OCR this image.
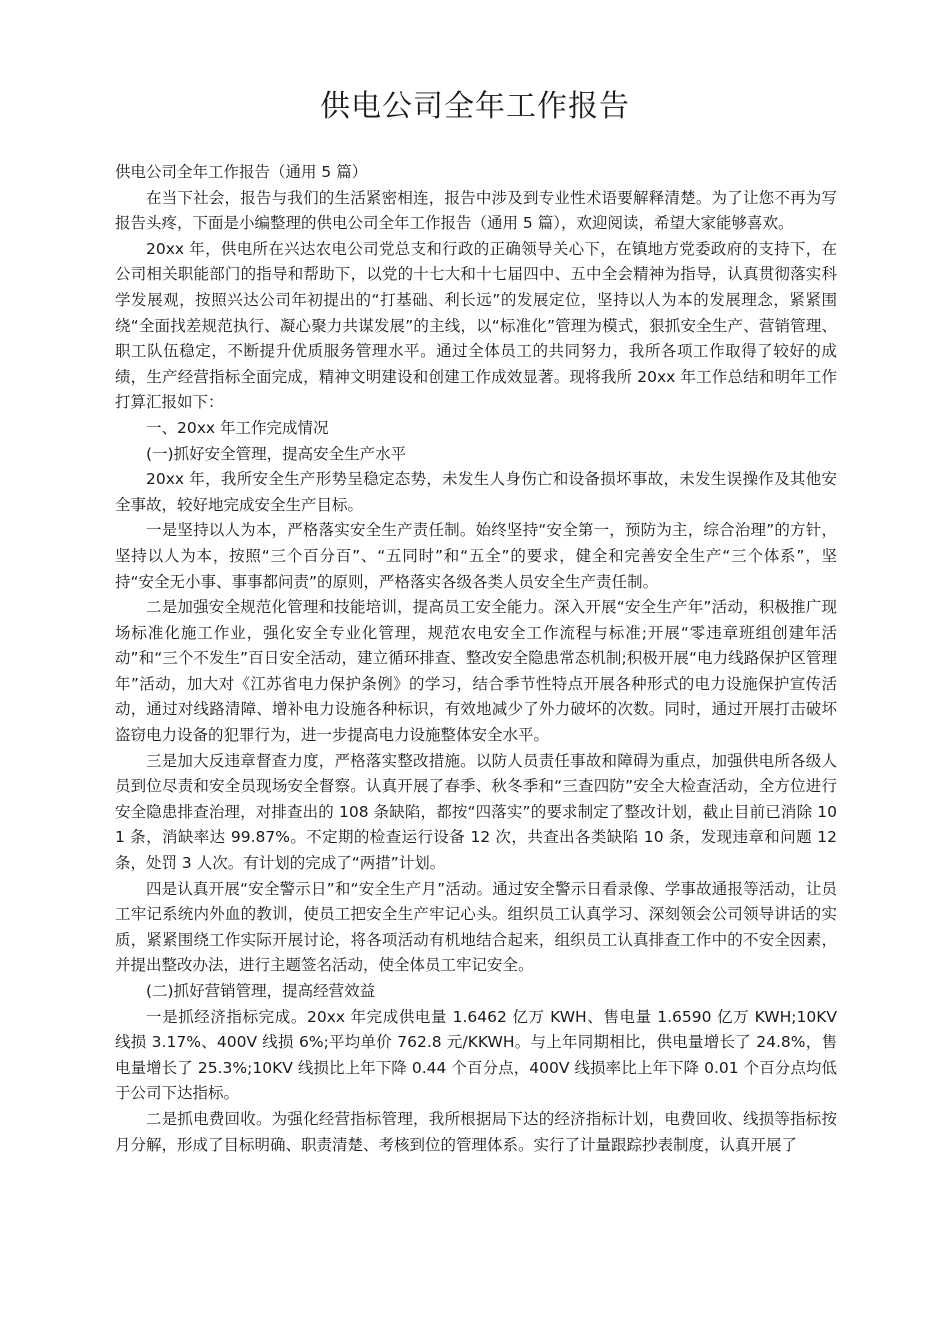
供电公司全年工作报告

供电公司全年工作报告（通用 5 篇）

在当下社会，报告与我们的生活紧密相连，报告中涉及到专业性术语要解释清楚。为了让您不再为写报告头疼，下面是小编整理的供电公司全年工作报告（通用 5 篇），欢迎阅读，希望大家能够喜欢。

20xx 年，供电所在兴达农电公司党总支和行政的正确领导关心下，在镇地方党委政府的支持下，在公司相关职能部门的指导和帮助下，以党的十七大和十七届四中、五中全会精神为指导，认真贯彻落实科学发展观，按照兴达公司年初提出的“打基础、利长远”的发展定位，坚持以人为本的发展理念，紧紧围绕“全面找差规范执行、凝心聚力共谋发展”的主线，以“标准化”管理为模式，狠抓安全生产、营销管理、职工队伍稳定，不断提升优质服务管理水平。通过全体员工的共同努力，我所各项工作取得了较好的成绩，生产经营指标全面完成，精神文明建设和创建工作成效显著。现将我所 20xx 年工作总结和明年工作打算汇报如下：

一、20xx 年工作完成情况

(一)抓好安全管理，提高安全生产水平

20xx 年，我所安全生产形势呈稳定态势，未发生人身伤亡和设备损坏事故，未发生误操作及其他安全事故，较好地完成安全生产目标。

一是坚持以人为本，严格落实安全生产责任制。始终坚持“安全第一，预防为主，综合治理”的方针，坚持以人为本，按照“三个百分百”、“五同时”和“五全”的要求，健全和完善安全生产“三个体系”，坚持“安全无小事、事事都问责”的原则，严格落实各级各类人员安全生产责任制。

二是加强安全规范化管理和技能培训，提高员工安全能力。深入开展“安全生产年”活动，积极推广现场标准化施工作业，强化安全专业化管理，规范农电安全工作流程与标准;开展“零违章班组创建年活动”和“三个不发生”百日安全活动，建立循环排查、整改安全隐患常态机制;积极开展“电力线路保护区管理年”活动，加大对《江苏省电力保护条例》的学习，结合季节性特点开展各种形式的电力设施保护宣传活动，通过对线路清障、增补电力设施各种标识，有效地减少了外力破坏的次数。同时，通过开展打击破坏盗窃电力设备的犯罪行为，进一步提高电力设施整体安全水平。

三是加大反违章督查力度，严格落实整改措施。以防人员责任事故和障碍为重点，加强供电所各级人员到位尽责和安全员现场安全督察。认真开展了春季、秋冬季和“三查四防”安全大检查活动，全方位进行安全隐患排查治理，对排查出的 108 条缺陷，都按“四落实”的要求制定了整改计划，截止目前已消除 101 条，消缺率达 99.87%。不定期的检查运行设备 12 次，共查出各类缺陷 10 条，发现违章和问题 12 条，处罚 3 人次。有计划的完成了“两措”计划。

四是认真开展“安全警示日”和“安全生产月”活动。通过安全警示日看录像、学事故通报等活动，让员工牢记系统内外血的教训，使员工把安全生产牢记心头。组织员工认真学习、深刻领会公司领导讲话的实质，紧紧围绕工作实际开展讨论，将各项活动有机地结合起来，组织员工认真排查工作中的不安全因素，并提出整改办法，进行主题签名活动，使全体员工牢记安全。

(二)抓好营销管理，提高经营效益

一是抓经济指标完成。20xx 年完成供电量 1.6462 亿万 KWH、售电量 1.6590 亿万 KWH;10KV 线损 3.17%、400V 线损 6%;平均单价 762.8 元/KKWH。与上年同期相比，供电量增长了 24.8%，售电量增长了 25.3%;10KV 线损比上年下降 0.44 个百分点，400V 线损率比上年下降 0.01 个百分点均低于公司下达指标。

二是抓电费回收。为强化经营指标管理，我所根据局下达的经济指标计划，电费回收、线损等指标按月分解，形成了目标明确、职责清楚、考核到位的管理体系。实行了计量跟踪抄表制度，认真开展了
